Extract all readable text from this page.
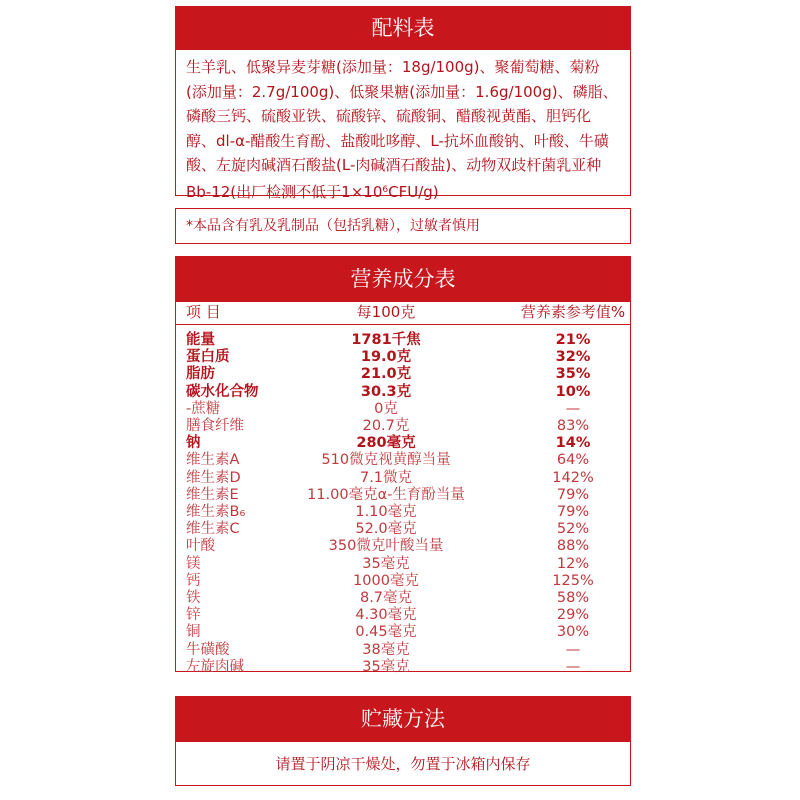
配料表
生羊乳、低聚异麦芽糖(添加量：18g/100g)、聚葡萄糖、菊粉(添加量：2.7g/100g)、低聚果糖(添加量：1.6g/100g)、磷脂、磷酸三钙、硫酸亚铁、硫酸锌、硫酸铜、醋酸视黄酯、胆钙化醇、dl-α-醋酸生育酚、盐酸吡哆醇、L-抗坏血酸钠、叶酸、牛磺酸、左旋肉碱酒石酸盐(L-肉碱酒石酸盐)、动物双歧杆菌乳亚种Bb-12(出厂检测不低于$1\times 10^6CFU/g$)
*本品含有乳及乳制品（包括乳糖），过敏者慎用
营养成分表
项 目	每100克	营养素参考值%
能量	1781千焦	21%
蛋白质	19.0克	32%
脂肪	21.0克	35%
碳水化合物	30.3克	10%
-蔗糖	0克	—
膳食纤维	20.7克	83%
钠	280毫克	14%
维生素A	510微克视黄醇当量	64%
维生素D	7.1微克	142%
维生素E	11.00毫克α-生育酚当量	79%
维生素B₆	1.10毫克	79%
维生素C	52.0毫克	52%
叶酸	350微克叶酸当量	88%
镁	35毫克	12%
钙	1000毫克	125%
铁	8.7毫克	58%
锌	4.30毫克	29%
铜	0.45毫克	30%
牛磺酸	38毫克	—
左旋肉碱	35毫克	—
贮藏方法
请置于阴凉干燥处，勿置于冰箱内保存
